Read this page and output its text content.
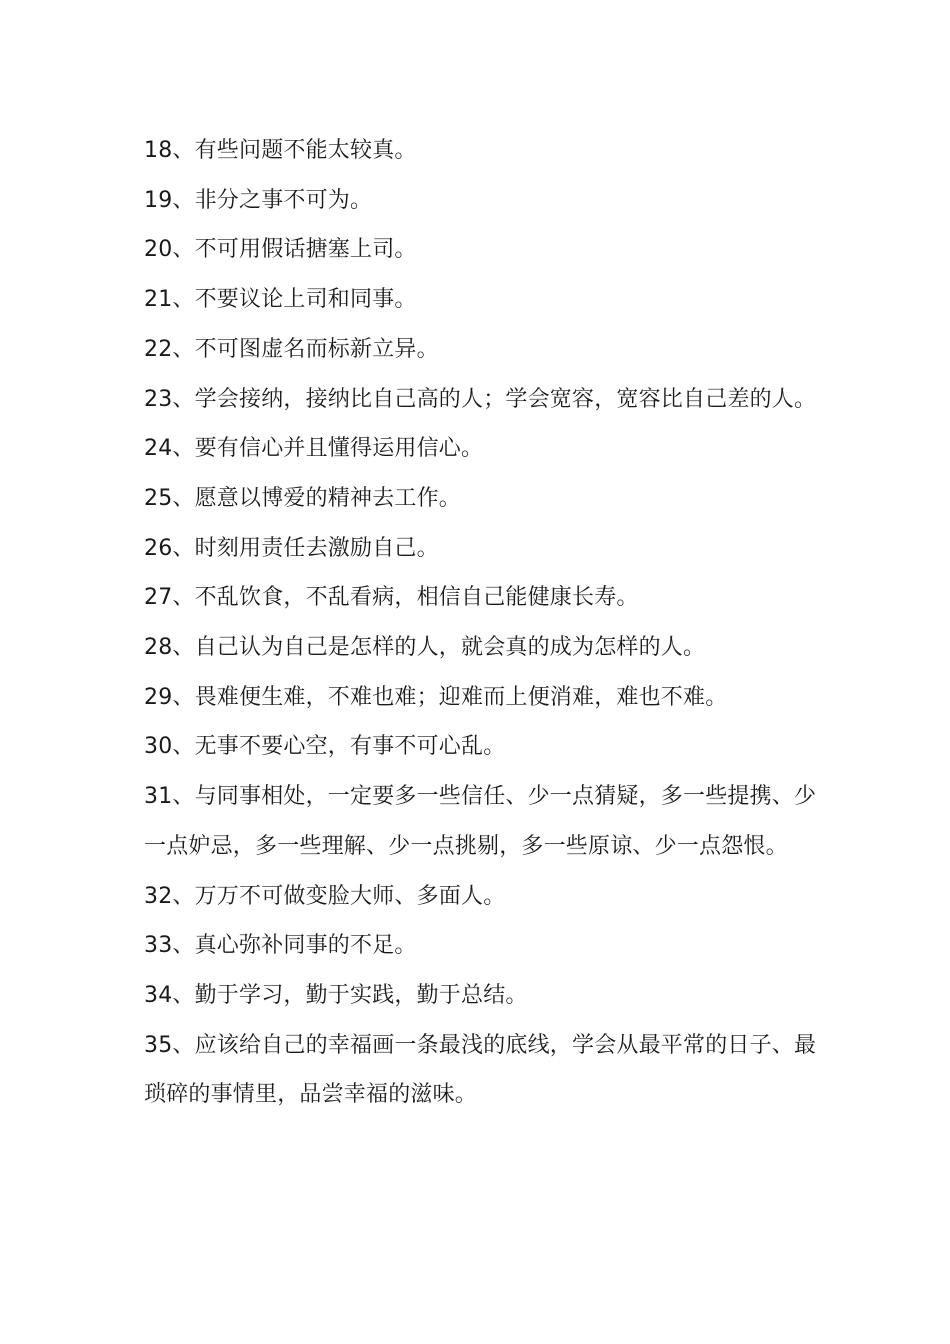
18、有些问题不能太较真。

19、非分之事不可为。

20、不可用假话搪塞上司。

21、不要议论上司和同事。

22、不可图虚名而标新立异。

23、学会接纳，接纳比自己高的人；学会宽容，宽容比自己差的人。

24、要有信心并且懂得运用信心。

25、愿意以博爱的精神去工作。

26、时刻用责任去激励自己。

27、不乱饮食，不乱看病，相信自己能健康长寿。

28、自己认为自己是怎样的人，就会真的成为怎样的人。

29、畏难便生难，不难也难；迎难而上便消难，难也不难。

30、无事不要心空，有事不可心乱。

31、与同事相处，一定要多一些信任、少一点猜疑，多一些提携、少一点妒忌，多一些理解、少一点挑剔，多一些原谅、少一点怨恨。

32、万万不可做变脸大师、多面人。

33、真心弥补同事的不足。

34、勤于学习，勤于实践，勤于总结。

35、应该给自己的幸福画一条最浅的底线，学会从最平常的日子、最琐碎的事情里，品尝幸福的滋味。
